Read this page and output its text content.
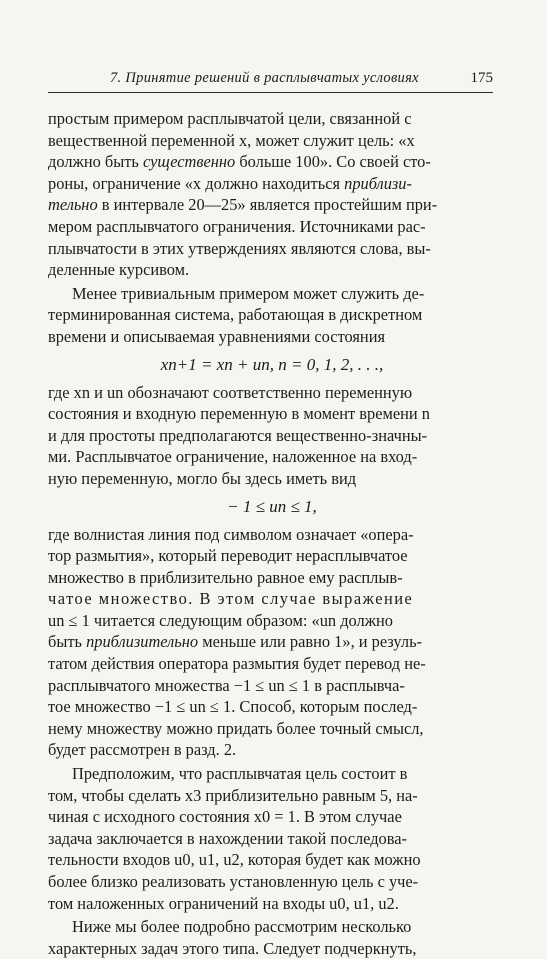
7. Принятие решений в расплывчатых условиях	175

простым примером расплывчатой цели, связанной с

вещественной переменной x, может служит цель: «x

должно быть существенно больше 100». Со своей сто-

роны, ограничение «x должно находиться приблизи-

тельно в интервале 20—25» является простейшим при-

мером расплывчатого ограничения. Источниками рас-

плывчатости в этих утверждениях являются слова, вы-

деленные курсивом.

Менее тривиальным примером может служить де-

терминированная система, работающая в дискретном

времени и описываемая уравнениями состояния

xn+1 = xn + un, n = 0, 1, 2, . . .,

где xn и un обозначают соответственно переменную

состояния и входную переменную в момент времени n

и для простоты предполагаются вещественно-значны-

ми. Расплывчатое ограничение, наложенное на вход-

ную переменную, могло бы здесь иметь вид

− 1 ≤ un ≤ 1,

где волнистая линия под символом означает «опера-

тор размытия», который переводит нерасплывчатое

множество в приблизительно равное ему расплыв-

чатое множество. В этом случае выражение

un ≤ 1 читается следующим образом: «un должно

быть приблизительно меньше или равно 1», и резуль-

татом действия оператора размытия будет перевод не-

расплывчатого множества −1 ≤ un ≤ 1 в расплывча-

тое множество −1 ≤ un ≤ 1. Способ, которым послед-

нему множеству можно придать более точный смысл,

будет рассмотрен в разд. 2.

Предположим, что расплывчатая цель состоит в

том, чтобы сделать x3 приблизительно равным 5, на-

чиная с исходного состояния x0 = 1. В этом случае

задача заключается в нахождении такой последова-

тельности входов u0, u1, u2, которая будет как можно

более близко реализовать установленную цель с уче-

том наложенных ограничений на входы u0, u1, u2.

Ниже мы более подробно рассмотрим несколько

характерных задач этого типа. Следует подчеркнуть,
